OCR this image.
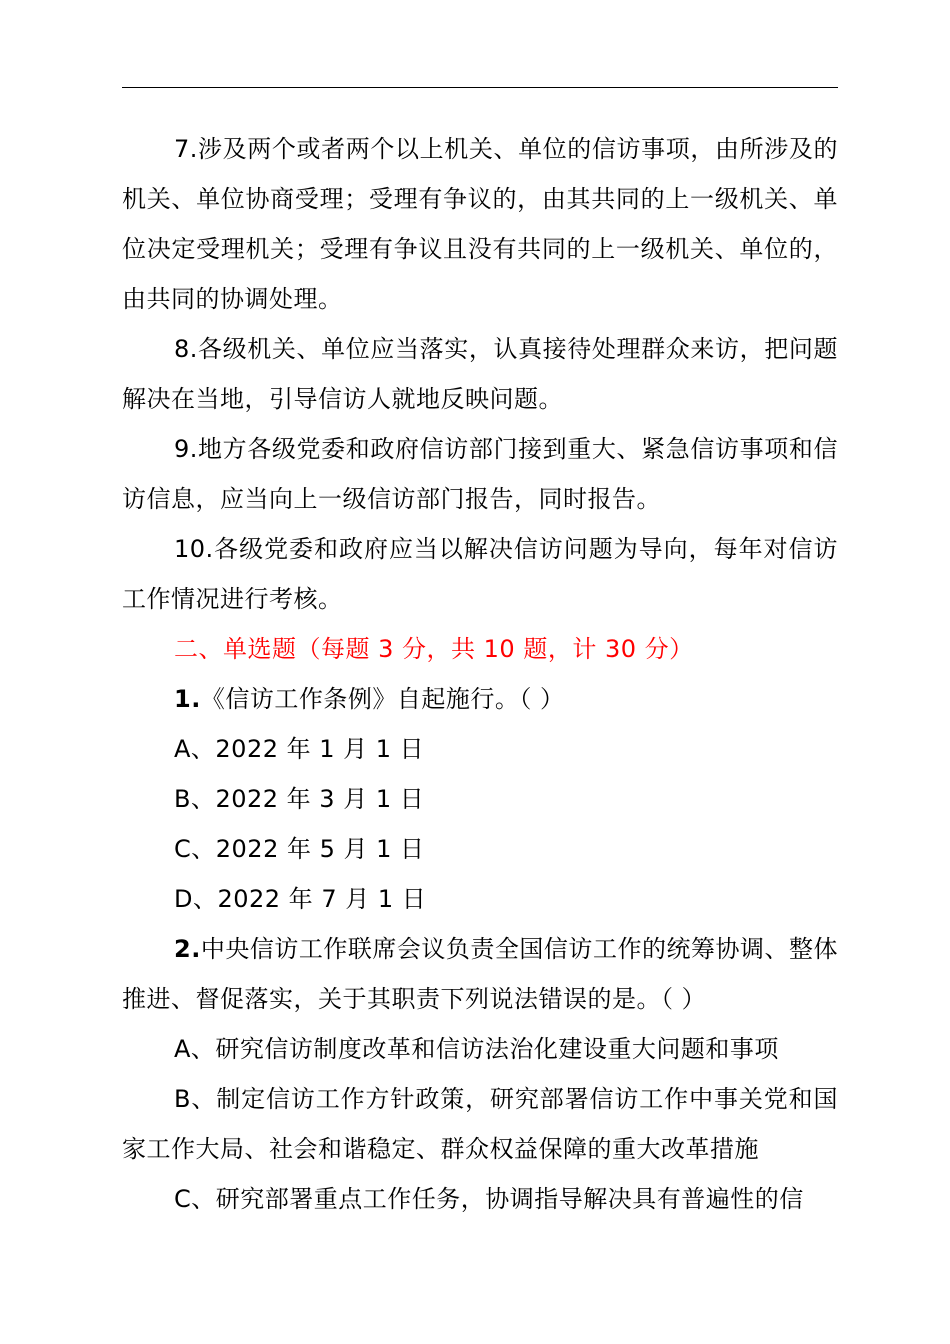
7.涉及两个或者两个以上机关、单位的信访事项，由所涉及的机关、单位协商受理；受理有争议的，由其共同的上一级机关、单位决定受理机关；受理有争议且没有共同的上一级机关、单位的，由共同的协调处理。

8.各级机关、单位应当落实，认真接待处理群众来访，把问题解决在当地，引导信访人就地反映问题。

9.地方各级党委和政府信访部门接到重大、紧急信访事项和信访信息，应当向上一级信访部门报告，同时报告。

10.各级党委和政府应当以解决信访问题为导向，每年对信访工作情况进行考核。

二、单选题（每题 3 分，共 10 题，计 30 分）

1.《信访工作条例》自起施行。（ ）

A、2022 年 1 月 1 日

B、2022 年 3 月 1 日

C、2022 年 5 月 1 日

D、2022 年 7 月 1 日

2.中央信访工作联席会议负责全国信访工作的统筹协调、整体推进、督促落实，关于其职责下列说法错误的是。（ ）

A、研究信访制度改革和信访法治化建设重大问题和事项

B、制定信访工作方针政策，研究部署信访工作中事关党和国家工作大局、社会和谐稳定、群众权益保障的重大改革措施

C、研究部署重点工作任务，协调指导解决具有普遍性的信
